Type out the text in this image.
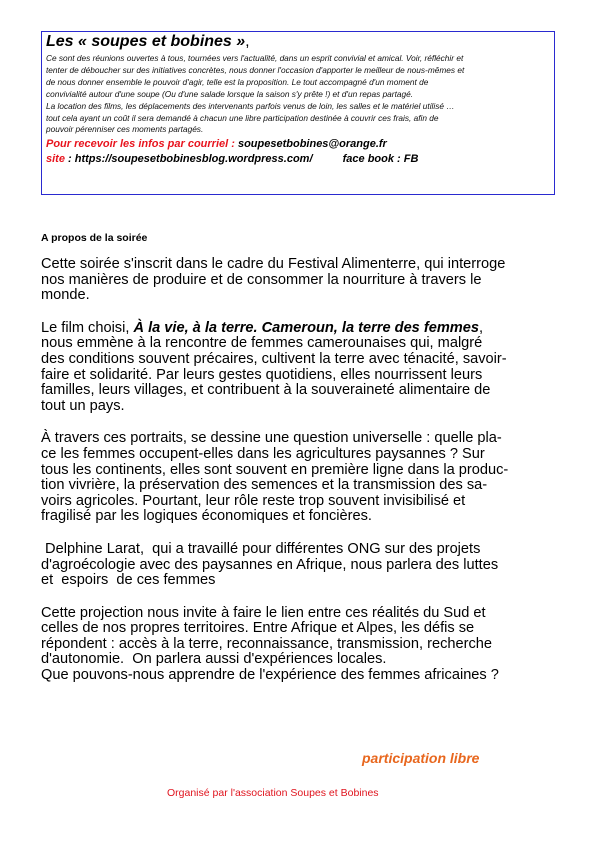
Les « soupes et bobines »,

Ce sont des réunions ouvertes à tous, tournées vers l'actualité, dans un esprit convivial et amical. Voir, réfléchir et
tenter de déboucher sur des initiatives concrètes, nous donner l'occasion d'apporter le meilleur de nous-mêmes et
de nous donner ensemble le pouvoir d'agir, telle est la proposition. Le tout accompagné d'un moment de
convivialité autour d'une soupe (Ou d'une salade lorsque la saison s'y prête !) et d'un repas partagé.
La location des films, les déplacements des intervenants parfois venus de loin, les salles et le matériel utilisé …
tout cela ayant un coût il sera demandé à chacun une libre participation destinée à couvrir ces frais, afin de
pouvoir pérenniser ces moments partagés.
Pour recevoir les infos par courriel : soupesetbobines@orange.fr
site : https://soupesetbobinesblog.wordpress.com/	face book : FB

A propos de la soirée

Cette soirée s'inscrit dans le cadre du Festival Alimenterre, qui interroge
nos manières de produire et de consommer la nourriture à travers le
monde.

Le film choisi, À la vie, à la terre. Cameroun, la terre des femmes,
nous emmène à la rencontre de femmes camerounaises qui, malgré
des conditions souvent précaires, cultivent la terre avec ténacité, savoir-
faire et solidarité. Par leurs gestes quotidiens, elles nourrissent leurs
familles, leurs villages, et contribuent à la souveraineté alimentaire de
tout un pays.

À travers ces portraits, se dessine une question universelle : quelle pla-
ce les femmes occupent-elles dans les agricultures paysannes ? Sur
tous les continents, elles sont souvent en première ligne dans la produc-
tion vivrière, la préservation des semences et la transmission des sa-
voirs agricoles. Pourtant, leur rôle reste trop souvent invisibilisé et
fragilisé par les logiques économiques et foncières.

Delphine Larat,  qui a travaillé pour différentes ONG sur des projets
d'agroécologie avec des paysannes en Afrique, nous parlera des luttes
et  espoirs  de ces femmes

Cette projection nous invite à faire le lien entre ces réalités du Sud et
celles de nos propres territoires. Entre Afrique et Alpes, les défis se
répondent : accès à la terre, reconnaissance, transmission, recherche
d'autonomie.  On parlera aussi d'expériences locales.
Que pouvons-nous apprendre de l'expérience des femmes africaines ?

participation libre

Organisé par l'association Soupes et Bobines
